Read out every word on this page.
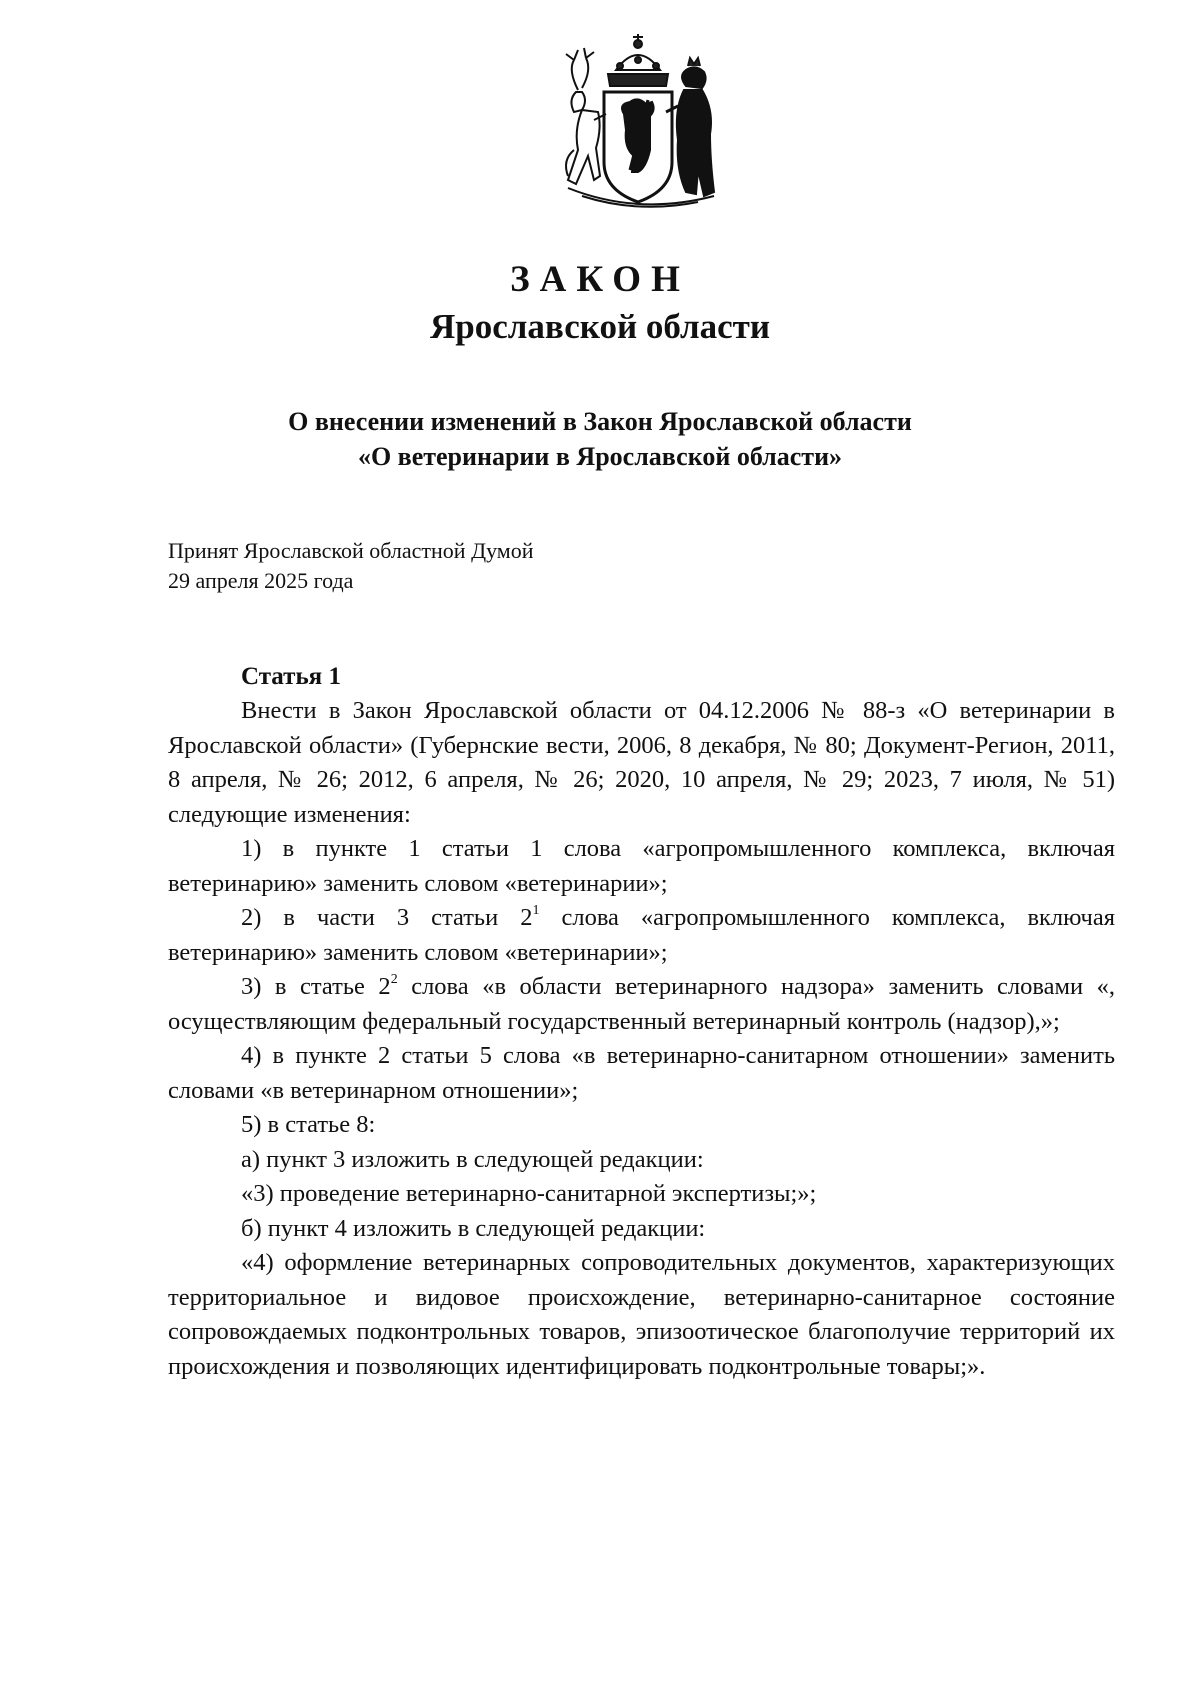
ЗАКОН
Ярославской области
О внесении изменений в Закон Ярославской области
«О ветеринарии в Ярославской области»
Принят Ярославской областной Думой
29 апреля 2025 года
Статья 1

Внести в Закон Ярославской области от 04.12.2006 № 88-з «О ветеринарии в Ярославской области» (Губернские вести, 2006, 8 декабря, № 80; Документ-Регион, 2011, 8 апреля, № 26; 2012, 6 апреля, № 26; 2020, 10 апреля, № 29; 2023, 7 июля, № 51) следующие изменения:

1) в пункте 1 статьи 1 слова «агропромышленного комплекса, включая ветеринарию» заменить словом «ветеринарии»;

2) в части 3 статьи $2^1$ слова «агропромышленного комплекса, включая ветеринарию» заменить словом «ветеринарии»;

3) в статье $2^2$ слова «в области ветеринарного надзора» заменить словами «, осуществляющим федеральный государственный ветеринарный контроль (надзор),»;

4) в пункте 2 статьи 5 слова «в ветеринарно-санитарном отношении» заменить словами «в ветеринарном отношении»;

5) в статье 8:

а) пункт 3 изложить в следующей редакции:

«3) проведение ветеринарно-санитарной экспертизы;»;

б) пункт 4 изложить в следующей редакции:

«4) оформление ветеринарных сопроводительных документов, характеризующих территориальное и видовое происхождение, ветеринарно-санитарное состояние сопровождаемых подконтрольных товаров, эпизоотическое благополучие территорий их происхождения и позволяющих идентифицировать подконтрольные товары;».
